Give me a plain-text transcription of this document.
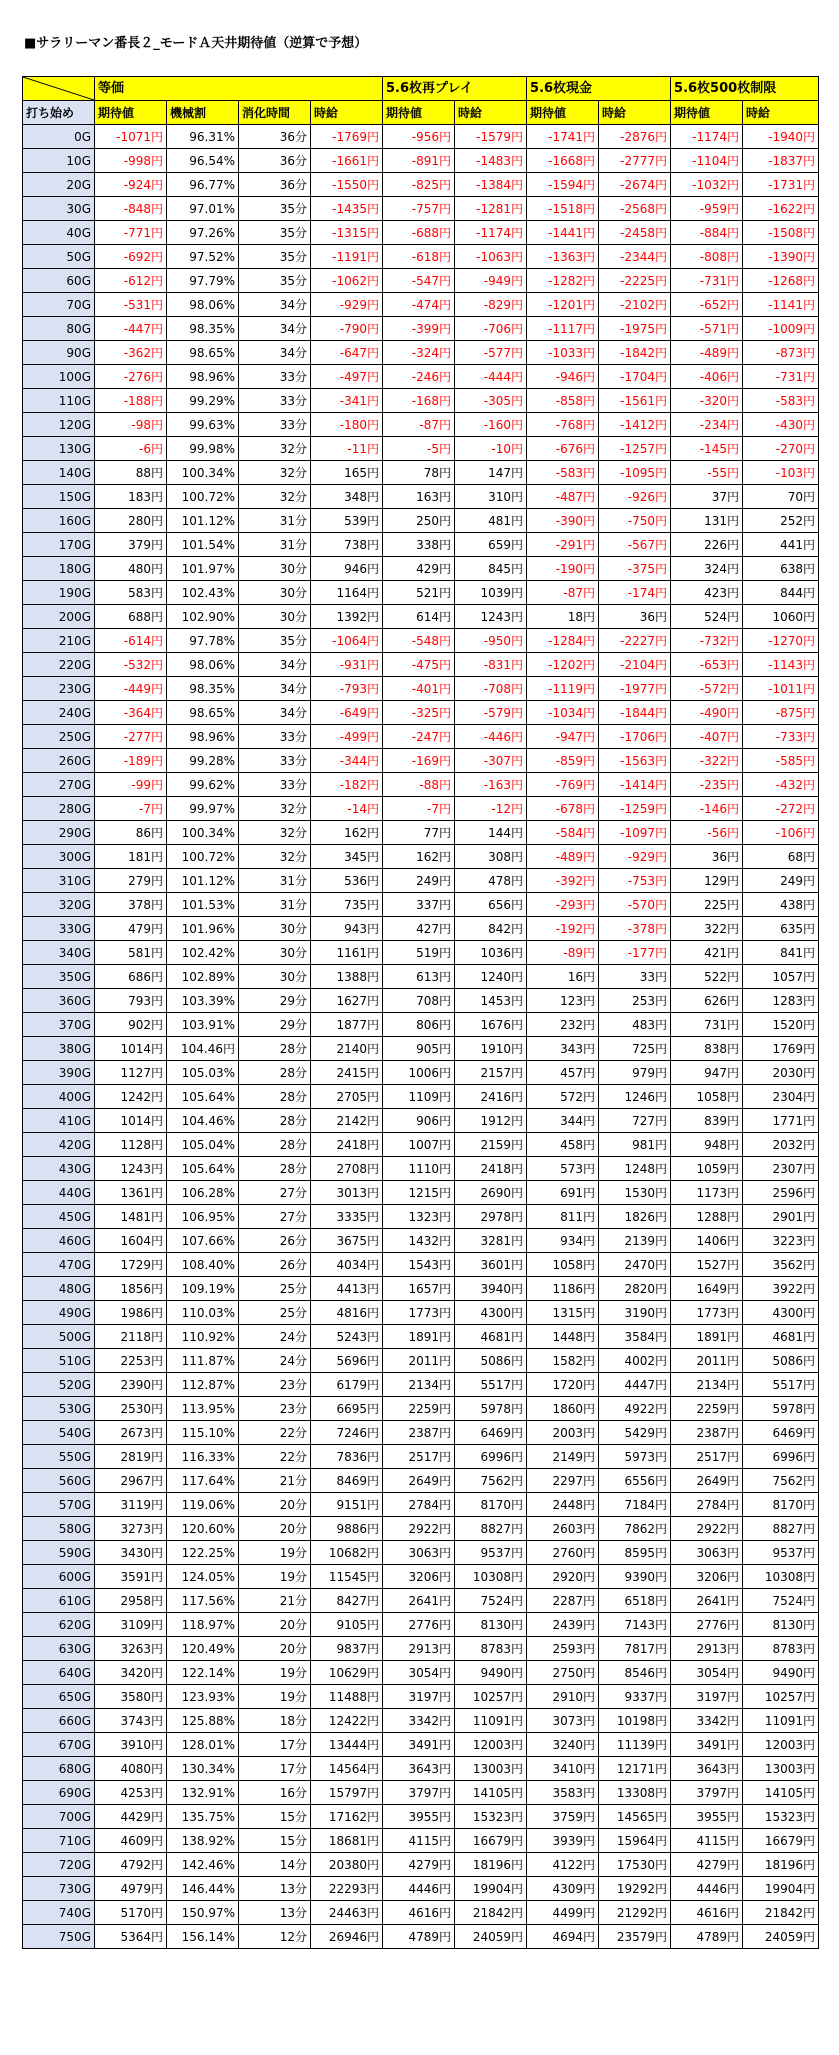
■サラリーマン番長２_モードＡ天井期待値（逆算で予想）
	等価				5.6枚再プレイ		5.6枚現金		5.6枚500枚制限	
打ち始め	期待値	機械割	消化時間	時給	期待値	時給	期待値	時給	期待値	時給
0G	-1071円	96.31%	36分	-1769円	-956円	-1579円	-1741円	-2876円	-1174円	-1940円
10G	-998円	96.54%	36分	-1661円	-891円	-1483円	-1668円	-2777円	-1104円	-1837円
20G	-924円	96.77%	36分	-1550円	-825円	-1384円	-1594円	-2674円	-1032円	-1731円
30G	-848円	97.01%	35分	-1435円	-757円	-1281円	-1518円	-2568円	-959円	-1622円
40G	-771円	97.26%	35分	-1315円	-688円	-1174円	-1441円	-2458円	-884円	-1508円
50G	-692円	97.52%	35分	-1191円	-618円	-1063円	-1363円	-2344円	-808円	-1390円
60G	-612円	97.79%	35分	-1062円	-547円	-949円	-1282円	-2225円	-731円	-1268円
70G	-531円	98.06%	34分	-929円	-474円	-829円	-1201円	-2102円	-652円	-1141円
80G	-447円	98.35%	34分	-790円	-399円	-706円	-1117円	-1975円	-571円	-1009円
90G	-362円	98.65%	34分	-647円	-324円	-577円	-1033円	-1842円	-489円	-873円
100G	-276円	98.96%	33分	-497円	-246円	-444円	-946円	-1704円	-406円	-731円
110G	-188円	99.29%	33分	-341円	-168円	-305円	-858円	-1561円	-320円	-583円
120G	-98円	99.63%	33分	-180円	-87円	-160円	-768円	-1412円	-234円	-430円
130G	-6円	99.98%	32分	-11円	-5円	-10円	-676円	-1257円	-145円	-270円
140G	88円	100.34%	32分	165円	78円	147円	-583円	-1095円	-55円	-103円
150G	183円	100.72%	32分	348円	163円	310円	-487円	-926円	37円	70円
160G	280円	101.12%	31分	539円	250円	481円	-390円	-750円	131円	252円
170G	379円	101.54%	31分	738円	338円	659円	-291円	-567円	226円	441円
180G	480円	101.97%	30分	946円	429円	845円	-190円	-375円	324円	638円
190G	583円	102.43%	30分	1164円	521円	1039円	-87円	-174円	423円	844円
200G	688円	102.90%	30分	1392円	614円	1243円	18円	36円	524円	1060円
210G	-614円	97.78%	35分	-1064円	-548円	-950円	-1284円	-2227円	-732円	-1270円
220G	-532円	98.06%	34分	-931円	-475円	-831円	-1202円	-2104円	-653円	-1143円
230G	-449円	98.35%	34分	-793円	-401円	-708円	-1119円	-1977円	-572円	-1011円
240G	-364円	98.65%	34分	-649円	-325円	-579円	-1034円	-1844円	-490円	-875円
250G	-277円	98.96%	33分	-499円	-247円	-446円	-947円	-1706円	-407円	-733円
260G	-189円	99.28%	33分	-344円	-169円	-307円	-859円	-1563円	-322円	-585円
270G	-99円	99.62%	33分	-182円	-88円	-163円	-769円	-1414円	-235円	-432円
280G	-7円	99.97%	32分	-14円	-7円	-12円	-678円	-1259円	-146円	-272円
290G	86円	100.34%	32分	162円	77円	144円	-584円	-1097円	-56円	-106円
300G	181円	100.72%	32分	345円	162円	308円	-489円	-929円	36円	68円
310G	279円	101.12%	31分	536円	249円	478円	-392円	-753円	129円	249円
320G	378円	101.53%	31分	735円	337円	656円	-293円	-570円	225円	438円
330G	479円	101.96%	30分	943円	427円	842円	-192円	-378円	322円	635円
340G	581円	102.42%	30分	1161円	519円	1036円	-89円	-177円	421円	841円
350G	686円	102.89%	30分	1388円	613円	1240円	16円	33円	522円	1057円
360G	793円	103.39%	29分	1627円	708円	1453円	123円	253円	626円	1283円
370G	902円	103.91%	29分	1877円	806円	1676円	232円	483円	731円	1520円
380G	1014円	104.46円	28分	2140円	905円	1910円	343円	725円	838円	1769円
390G	1127円	105.03%	28分	2415円	1006円	2157円	457円	979円	947円	2030円
400G	1242円	105.64%	28分	2705円	1109円	2416円	572円	1246円	1058円	2304円
410G	1014円	104.46%	28分	2142円	906円	1912円	344円	727円	839円	1771円
420G	1128円	105.04%	28分	2418円	1007円	2159円	458円	981円	948円	2032円
430G	1243円	105.64%	28分	2708円	1110円	2418円	573円	1248円	1059円	2307円
440G	1361円	106.28%	27分	3013円	1215円	2690円	691円	1530円	1173円	2596円
450G	1481円	106.95%	27分	3335円	1323円	2978円	811円	1826円	1288円	2901円
460G	1604円	107.66%	26分	3675円	1432円	3281円	934円	2139円	1406円	3223円
470G	1729円	108.40%	26分	4034円	1543円	3601円	1058円	2470円	1527円	3562円
480G	1856円	109.19%	25分	4413円	1657円	3940円	1186円	2820円	1649円	3922円
490G	1986円	110.03%	25分	4816円	1773円	4300円	1315円	3190円	1773円	4300円
500G	2118円	110.92%	24分	5243円	1891円	4681円	1448円	3584円	1891円	4681円
510G	2253円	111.87%	24分	5696円	2011円	5086円	1582円	4002円	2011円	5086円
520G	2390円	112.87%	23分	6179円	2134円	5517円	1720円	4447円	2134円	5517円
530G	2530円	113.95%	23分	6695円	2259円	5978円	1860円	4922円	2259円	5978円
540G	2673円	115.10%	22分	7246円	2387円	6469円	2003円	5429円	2387円	6469円
550G	2819円	116.33%	22分	7836円	2517円	6996円	2149円	5973円	2517円	6996円
560G	2967円	117.64%	21分	8469円	2649円	7562円	2297円	6556円	2649円	7562円
570G	3119円	119.06%	20分	9151円	2784円	8170円	2448円	7184円	2784円	8170円
580G	3273円	120.60%	20分	9886円	2922円	8827円	2603円	7862円	2922円	8827円
590G	3430円	122.25%	19分	10682円	3063円	9537円	2760円	8595円	3063円	9537円
600G	3591円	124.05%	19分	11545円	3206円	10308円	2920円	9390円	3206円	10308円
610G	2958円	117.56%	21分	8427円	2641円	7524円	2287円	6518円	2641円	7524円
620G	3109円	118.97%	20分	9105円	2776円	8130円	2439円	7143円	2776円	8130円
630G	3263円	120.49%	20分	9837円	2913円	8783円	2593円	7817円	2913円	8783円
640G	3420円	122.14%	19分	10629円	3054円	9490円	2750円	8546円	3054円	9490円
650G	3580円	123.93%	19分	11488円	3197円	10257円	2910円	9337円	3197円	10257円
660G	3743円	125.88%	18分	12422円	3342円	11091円	3073円	10198円	3342円	11091円
670G	3910円	128.01%	17分	13444円	3491円	12003円	3240円	11139円	3491円	12003円
680G	4080円	130.34%	17分	14564円	3643円	13003円	3410円	12171円	3643円	13003円
690G	4253円	132.91%	16分	15797円	3797円	14105円	3583円	13308円	3797円	14105円
700G	4429円	135.75%	15分	17162円	3955円	15323円	3759円	14565円	3955円	15323円
710G	4609円	138.92%	15分	18681円	4115円	16679円	3939円	15964円	4115円	16679円
720G	4792円	142.46%	14分	20380円	4279円	18196円	4122円	17530円	4279円	18196円
730G	4979円	146.44%	13分	22293円	4446円	19904円	4309円	19292円	4446円	19904円
740G	5170円	150.97%	13分	24463円	4616円	21842円	4499円	21292円	4616円	21842円
750G	5364円	156.14%	12分	26946円	4789円	24059円	4694円	23579円	4789円	24059円
